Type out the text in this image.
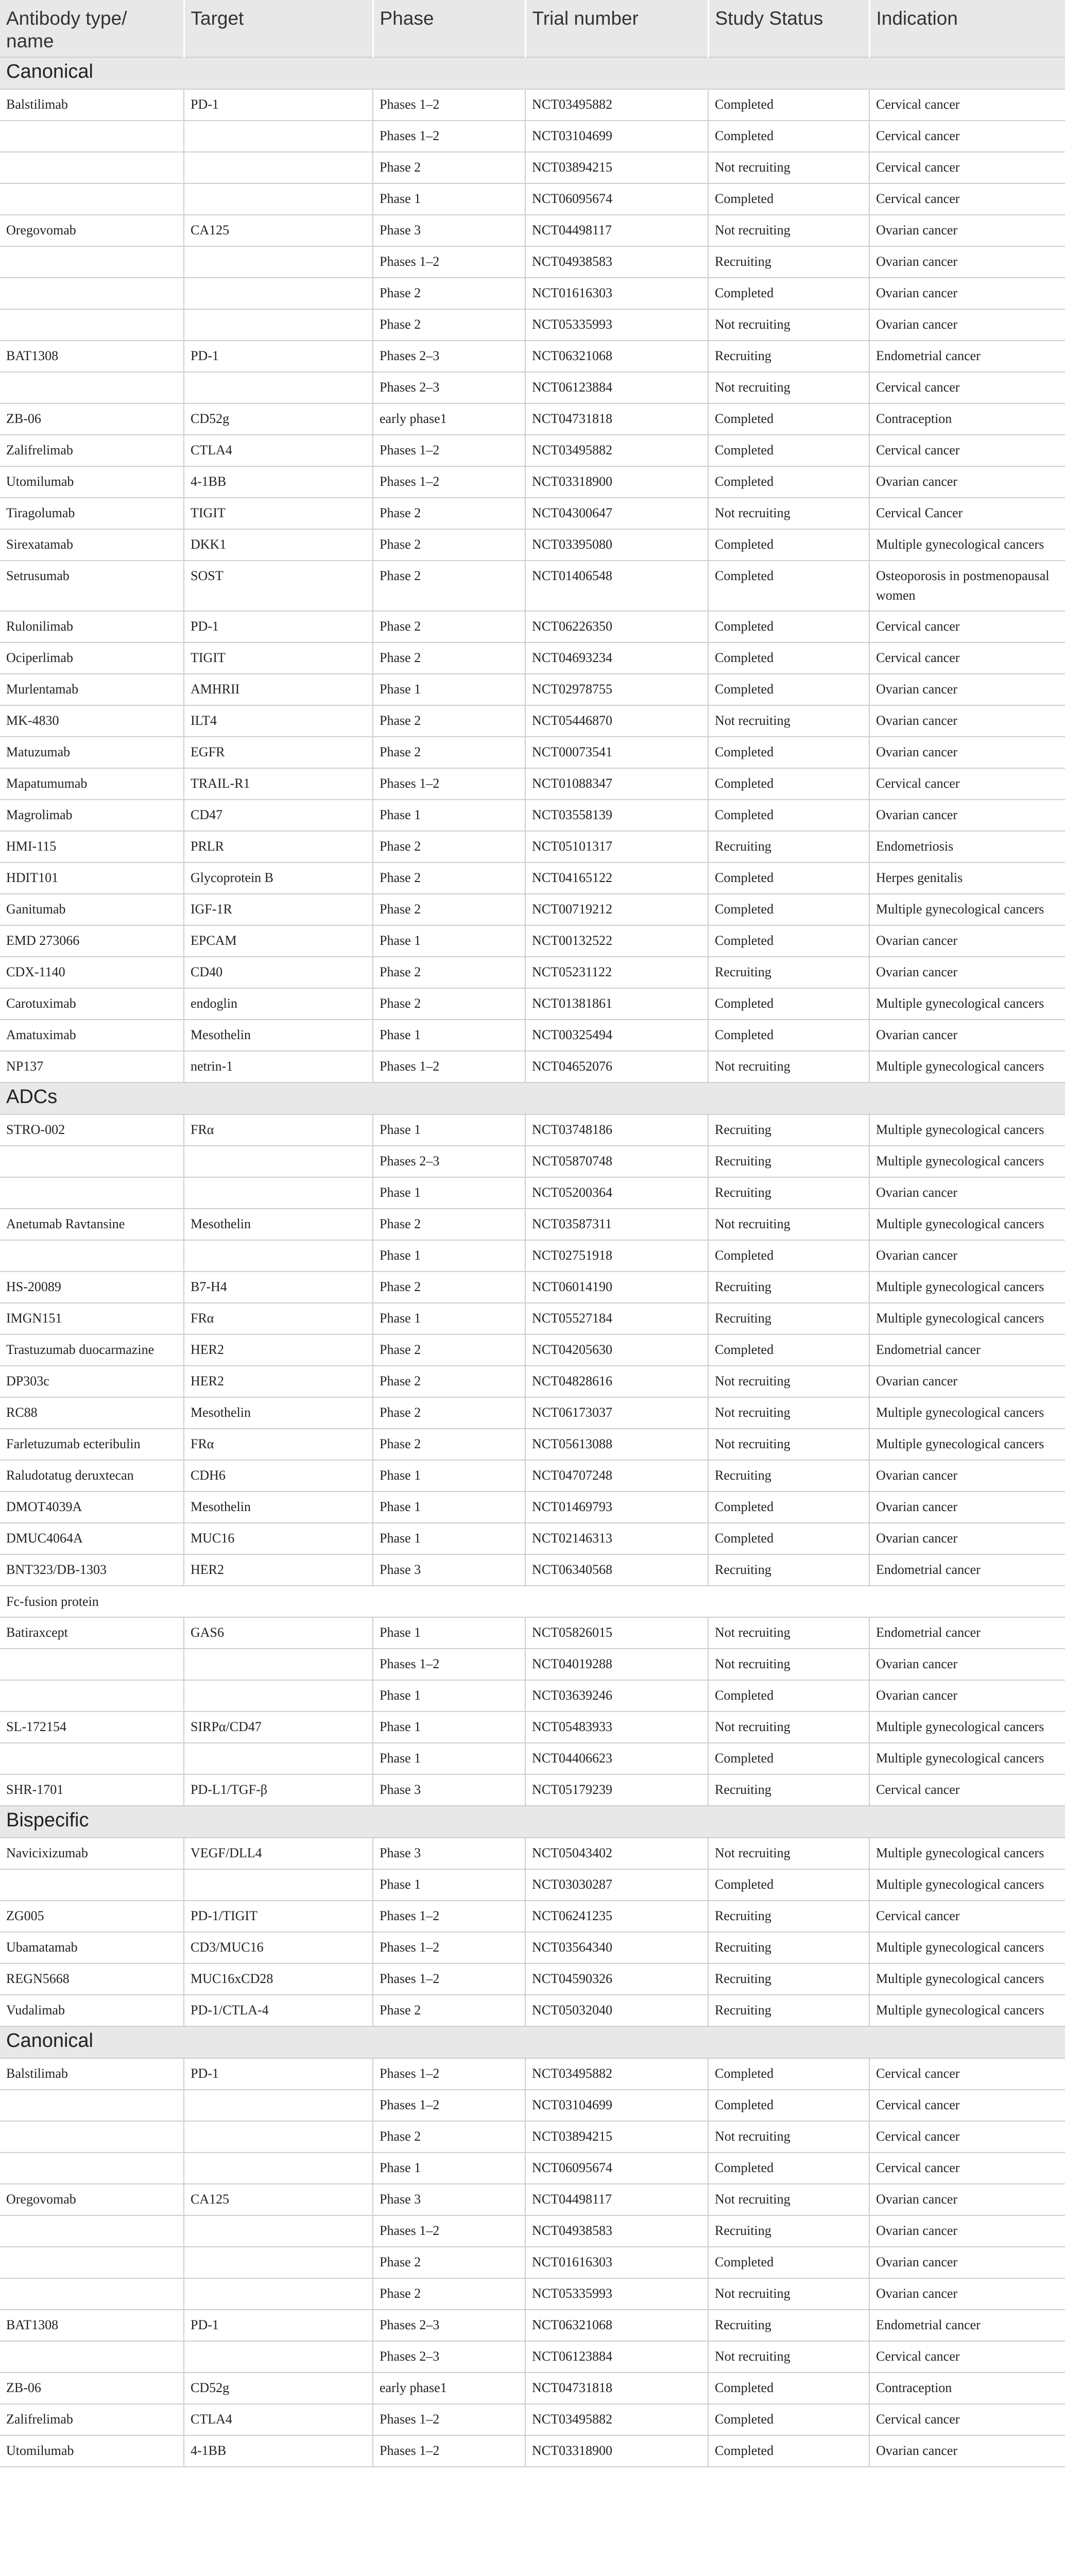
Antibody type/
name	Target	Phase	Trial number	Study Status	Indication
Canonical					
Balstilimab	PD-1	Phases 1–2	NCT03495882	Completed	Cervical cancer
		Phases 1–2	NCT03104699	Completed	Cervical cancer
		Phase 2	NCT03894215	Not recruiting	Cervical cancer
		Phase 1	NCT06095674	Completed	Cervical cancer
Oregovomab	CA125	Phase 3	NCT04498117	Not recruiting	Ovarian cancer
		Phases 1–2	NCT04938583	Recruiting	Ovarian cancer
		Phase 2	NCT01616303	Completed	Ovarian cancer
		Phase 2	NCT05335993	Not recruiting	Ovarian cancer
BAT1308	PD-1	Phases 2–3	NCT06321068	Recruiting	Endometrial cancer
		Phases 2–3	NCT06123884	Not recruiting	Cervical cancer
ZB-06	CD52g	early phase1	NCT04731818	Completed	Contraception
Zalifrelimab	CTLA4	Phases 1–2	NCT03495882	Completed	Cervical cancer
Utomilumab	4-1BB	Phases 1–2	NCT03318900	Completed	Ovarian cancer
Tiragolumab	TIGIT	Phase 2	NCT04300647	Not recruiting	Cervical Cancer
Sirexatamab	DKK1	Phase 2	NCT03395080	Completed	Multiple gynecological cancers
Setrusumab	SOST	Phase 2	NCT01406548	Completed	Osteoporosis in postmenopausal women
Rulonilimab	PD-1	Phase 2	NCT06226350	Completed	Cervical cancer
Ociperlimab	TIGIT	Phase 2	NCT04693234	Completed	Cervical cancer
Murlentamab	AMHRII	Phase 1	NCT02978755	Completed	Ovarian cancer
MK-4830	ILT4	Phase 2	NCT05446870	Not recruiting	Ovarian cancer
Matuzumab	EGFR	Phase 2	NCT00073541	Completed	Ovarian cancer
Mapatumumab	TRAIL-R1	Phases 1–2	NCT01088347	Completed	Cervical cancer
Magrolimab	CD47	Phase 1	NCT03558139	Completed	Ovarian cancer
HMI-115	PRLR	Phase 2	NCT05101317	Recruiting	Endometriosis
HDIT101	Glycoprotein B	Phase 2	NCT04165122	Completed	Herpes genitalis
Ganitumab	IGF-1R	Phase 2	NCT00719212	Completed	Multiple gynecological cancers
EMD 273066	EPCAM	Phase 1	NCT00132522	Completed	Ovarian cancer
CDX-1140	CD40	Phase 2	NCT05231122	Recruiting	Ovarian cancer
Carotuximab	endoglin	Phase 2	NCT01381861	Completed	Multiple gynecological cancers
Amatuximab	Mesothelin	Phase 1	NCT00325494	Completed	Ovarian cancer
NP137	netrin-1	Phases 1–2	NCT04652076	Not recruiting	Multiple gynecological cancers
ADCs					
STRO-002	FRα	Phase 1	NCT03748186	Recruiting	Multiple gynecological cancers
		Phases 2–3	NCT05870748	Recruiting	Multiple gynecological cancers
		Phase 1	NCT05200364	Recruiting	Ovarian cancer
Anetumab Ravtansine	Mesothelin	Phase 2	NCT03587311	Not recruiting	Multiple gynecological cancers
		Phase 1	NCT02751918	Completed	Ovarian cancer
HS-20089	B7-H4	Phase 2	NCT06014190	Recruiting	Multiple gynecological cancers
IMGN151	FRα	Phase 1	NCT05527184	Recruiting	Multiple gynecological cancers
Trastuzumab duocarmazine	HER2	Phase 2	NCT04205630	Completed	Endometrial cancer
DP303c	HER2	Phase 2	NCT04828616	Not recruiting	Ovarian cancer
RC88	Mesothelin	Phase 2	NCT06173037	Not recruiting	Multiple gynecological cancers
Farletuzumab ecteribulin	FRα	Phase 2	NCT05613088	Not recruiting	Multiple gynecological cancers
Raludotatug deruxtecan	CDH6	Phase 1	NCT04707248	Recruiting	Ovarian cancer
DMOT4039A	Mesothelin	Phase 1	NCT01469793	Completed	Ovarian cancer
DMUC4064A	MUC16	Phase 1	NCT02146313	Completed	Ovarian cancer
BNT323/DB-1303	HER2	Phase 3	NCT06340568	Recruiting	Endometrial cancer
Fc-fusion protein					
Batiraxcept	GAS6	Phase 1	NCT05826015	Not recruiting	Endometrial cancer
		Phases 1–2	NCT04019288	Not recruiting	Ovarian cancer
		Phase 1	NCT03639246	Completed	Ovarian cancer
SL-172154	SIRPα/CD47	Phase 1	NCT05483933	Not recruiting	Multiple gynecological cancers
		Phase 1	NCT04406623	Completed	Multiple gynecological cancers
SHR-1701	PD-L1/TGF-β	Phase 3	NCT05179239	Recruiting	Cervical cancer
Bispecific					
Navicixizumab	VEGF/DLL4	Phase 3	NCT05043402	Not recruiting	Multiple gynecological cancers
		Phase 1	NCT03030287	Completed	Multiple gynecological cancers
ZG005	PD-1/TIGIT	Phases 1–2	NCT06241235	Recruiting	Cervical cancer
Ubamatamab	CD3/MUC16	Phases 1–2	NCT03564340	Recruiting	Multiple gynecological cancers
REGN5668	MUC16xCD28	Phases 1–2	NCT04590326	Recruiting	Multiple gynecological cancers
Vudalimab	PD-1/CTLA-4	Phase 2	NCT05032040	Recruiting	Multiple gynecological cancers
Canonical					
Balstilimab	PD-1	Phases 1–2	NCT03495882	Completed	Cervical cancer
		Phases 1–2	NCT03104699	Completed	Cervical cancer
		Phase 2	NCT03894215	Not recruiting	Cervical cancer
		Phase 1	NCT06095674	Completed	Cervical cancer
Oregovomab	CA125	Phase 3	NCT04498117	Not recruiting	Ovarian cancer
		Phases 1–2	NCT04938583	Recruiting	Ovarian cancer
		Phase 2	NCT01616303	Completed	Ovarian cancer
		Phase 2	NCT05335993	Not recruiting	Ovarian cancer
BAT1308	PD-1	Phases 2–3	NCT06321068	Recruiting	Endometrial cancer
		Phases 2–3	NCT06123884	Not recruiting	Cervical cancer
ZB-06	CD52g	early phase1	NCT04731818	Completed	Contraception
Zalifrelimab	CTLA4	Phases 1–2	NCT03495882	Completed	Cervical cancer
Utomilumab	4-1BB	Phases 1–2	NCT03318900	Completed	Ovarian cancer
